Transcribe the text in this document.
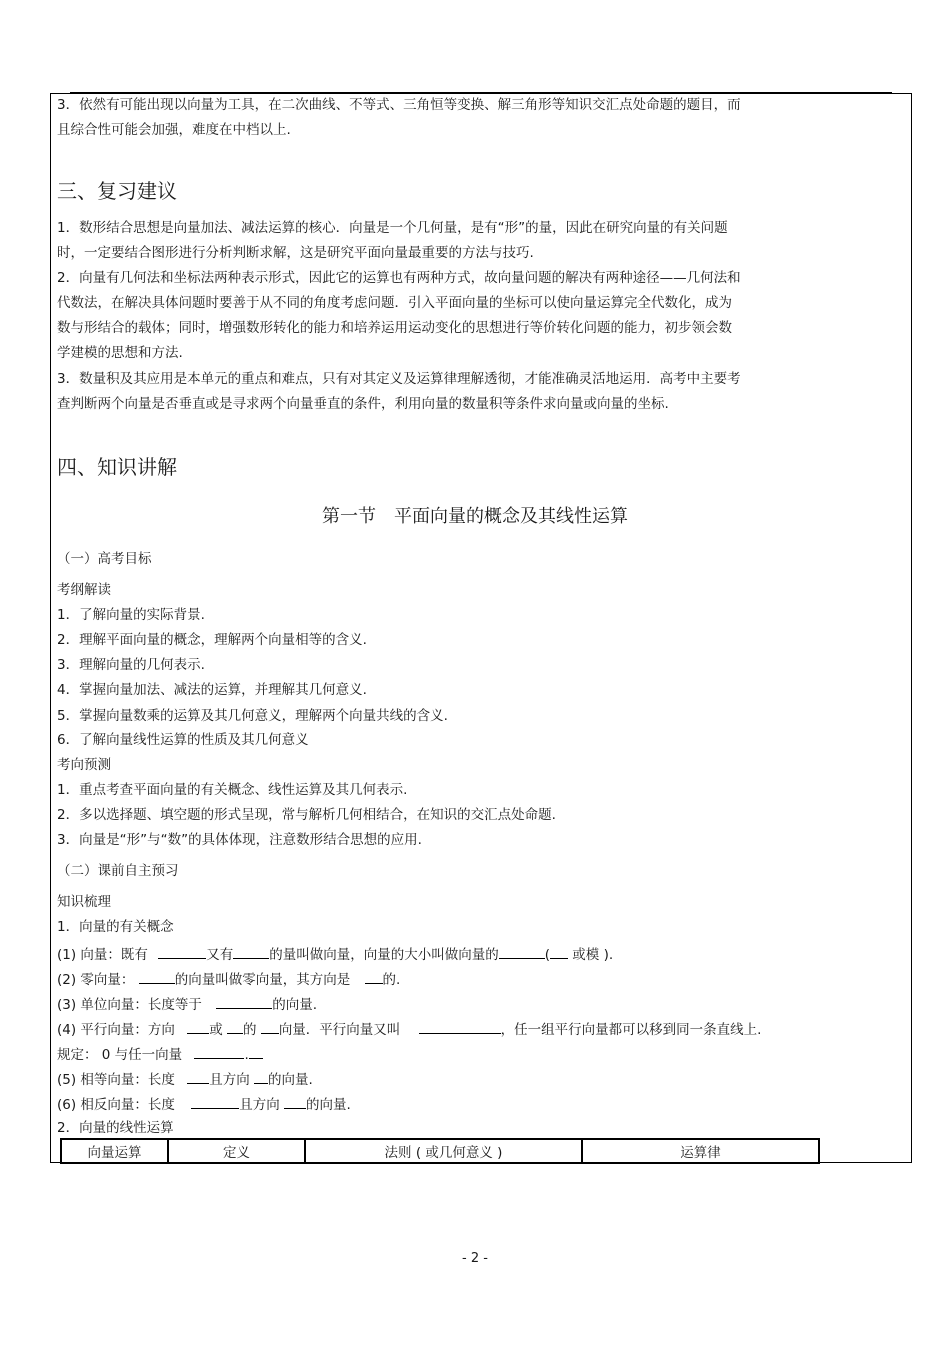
3．依然有可能出现以向量为工具，在二次曲线、不等式、三角恒等变换、解三角形等知识交汇点处命题的题目，而
且综合性可能会加强，难度在中档以上.
三、复习建议
1．数形结合思想是向量加法、减法运算的核心．向量是一个几何量，是有“形”的量，因此在研究向量的有关问题
时，一定要结合图形进行分析判断求解，这是研究平面向量最重要的方法与技巧.
2．向量有几何法和坐标法两种表示形式，因此它的运算也有两种方式，故向量问题的解决有两种途径——几何法和
代数法，在解决具体问题时要善于从不同的角度考虑问题．引入平面向量的坐标可以使向量运算完全代数化，成为
数与形结合的载体；同时，增强数形转化的能力和培养运用运动变化的思想进行等价转化问题的能力，初步领会数
学建模的思想和方法.
3．数量积及其应用是本单元的重点和难点，只有对其定义及运算律理解透彻，才能准确灵活地运用．高考中主要考
查判断两个向量是否垂直或是寻求两个向量垂直的条件，利用向量的数量积等条件求向量或向量的坐标.
四、知识讲解
第一节　平面向量的概念及其线性运算
（一）高考目标
考纲解读
1．了解向量的实际背景.
2．理解平面向量的概念，理解两个向量相等的含义.
3．理解向量的几何表示.
4．掌握向量加法、减法的运算，并理解其几何意义.
5．掌握向量数乘的运算及其几何意义，理解两个向量共线的含义.
6．了解向量线性运算的性质及其几何意义
考向预测
1．重点考查平面向量的有关概念、线性运算及其几何表示.
2．多以选择题、填空题的形式呈现，常与解析几何相结合，在知识的交汇点处命题.
3．向量是“形”与“数”的具体体现，注意数形结合思想的应用.
（二）课前自主预习
知识梳理
1．向量的有关概念
(1) 向量：既有	又有	的量叫做向量，向量的大小叫做向量的	( 或模 ).
(2) 零向量：	的向量叫做零向量，其方向是 的.
(3) 单位向量：长度等于	的向量.
(4) 平行向量：方向	或 的 向量．平行向量又叫	，任一组平行向量都可以移到同一条直线上.
规定： 0 与任一向量	.
(5) 相等向量：长度	且方向 的向量.
(6) 相反向量：长度	且方向 的向量.
2．向量的线性运算
向量运算	定义	法则 ( 或几何意义 )	运算律
- 2 -
